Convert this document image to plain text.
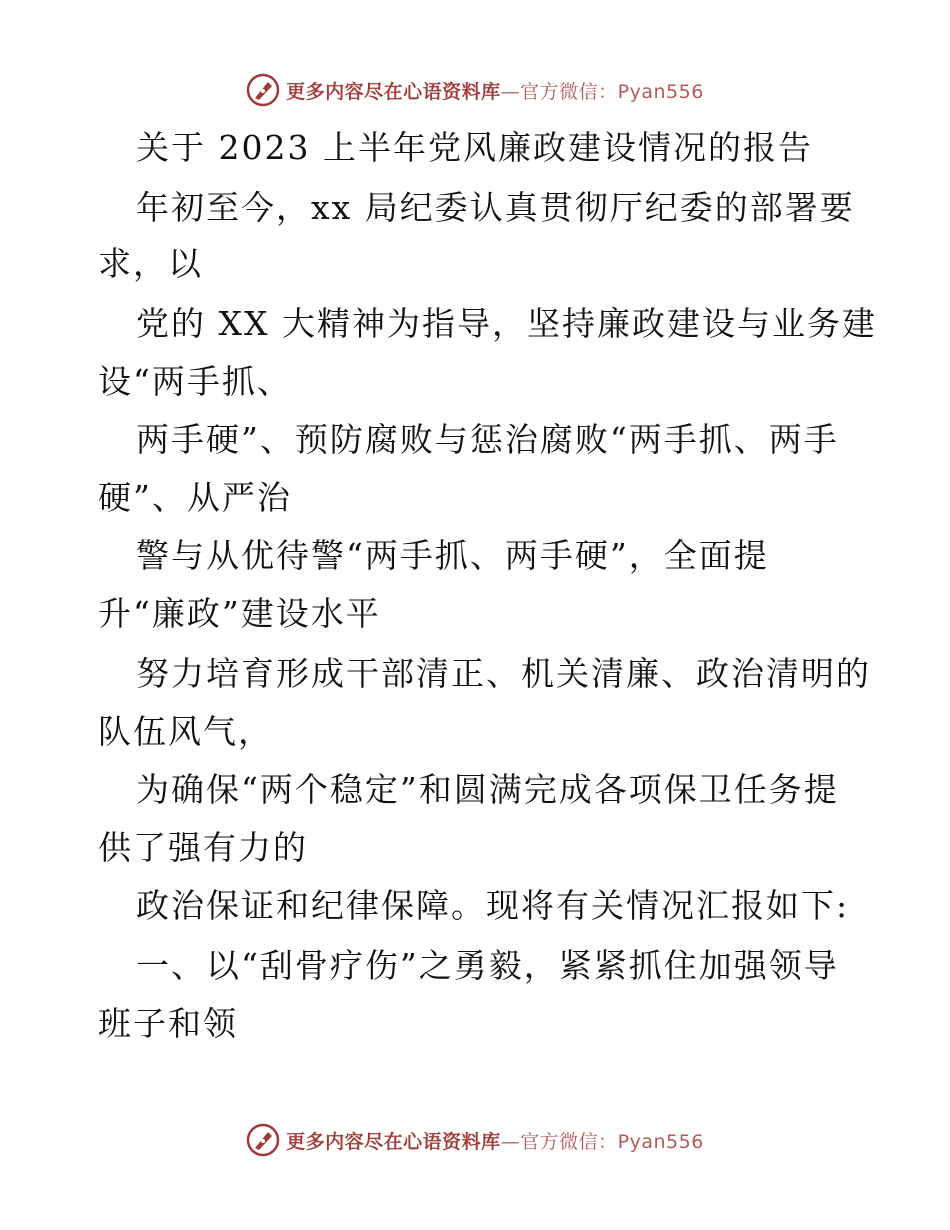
更多内容尽在心语资料库—官方微信：Pyan556
关于 2023 上半年党风廉政建设情况的报告
年初至今，xx 局纪委认真贯彻厅纪委的部署要
求，以
党的 XX 大精神为指导，坚持廉政建设与业务建
设“两手抓、
两手硬”、预防腐败与惩治腐败“两手抓、两手
硬”、从严治
警与从优待警“两手抓、两手硬”，全面提
升“廉政”建设水平
努力培育形成干部清正、机关清廉、政治清明的
队伍风气，
为确保“两个稳定”和圆满完成各项保卫任务提
供了强有力的
政治保证和纪律保障。现将有关情况汇报如下:
一、以“刮骨疗伤”之勇毅，紧紧抓住加强领导
班子和领
更多内容尽在心语资料库—官方微信：Pyan556
